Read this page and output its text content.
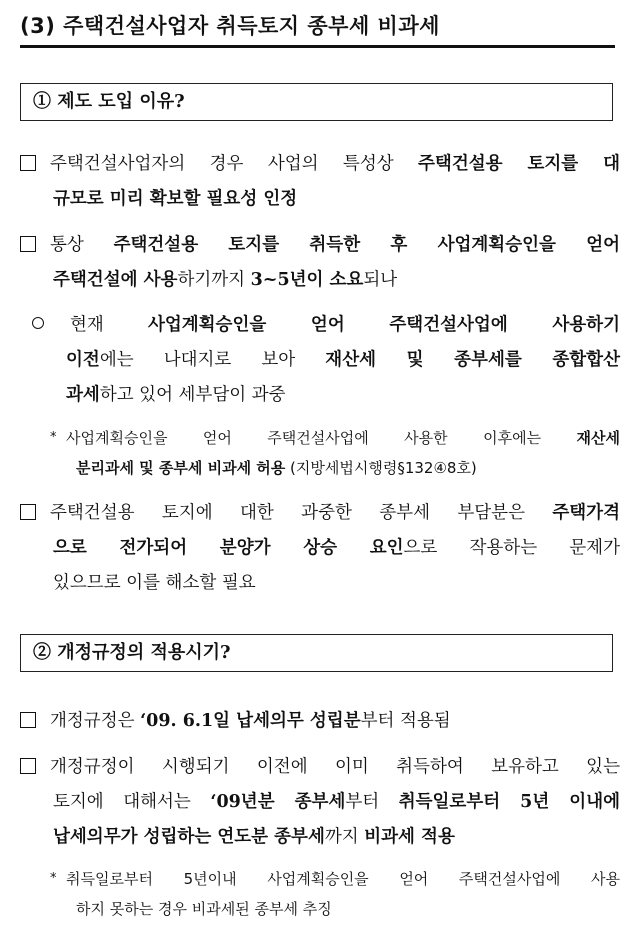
(3) 주택건설사업자 취득토지 종부세 비과세
① 제도 도입 이유?
주택건설사업자의 경우 사업의 특성상 주택건설용 토지를 대
규모로 미리 확보할 필요성 인정
통상 주택건설용 토지를 취득한 후 사업계획승인을 얻어
주택건설에 사용하기까지 3~5년이 소요되나
현재 사업계획승인을 얻어 주택건설사업에 사용하기
이전에는 나대지로 보아 재산세 및 종부세를 종합합산
과세하고 있어 세부담이 과중
* 사업계획승인을 얻어 주택건설사업에 사용한 이후에는 재산세
분리과세 및 종부세 비과세 허용 (지방세법시행령§132④8호)
주택건설용 토지에 대한 과중한 종부세 부담분은 주택가격
으로 전가되어 분양가 상승 요인으로 작용하는 문제가
있으므로 이를 해소할 필요
② 개정규정의 적용시기?
개정규정은 ‘09. 6.1일 납세의무 성립분부터 적용됨
개정규정이 시행되기 이전에 이미 취득하여 보유하고 있는
토지에 대해서는 ‘09년분 종부세부터 취득일로부터 5년 이내에
납세의무가 성립하는 연도분 종부세까지 비과세 적용
* 취득일로부터 5년이내 사업계획승인을 얻어 주택건설사업에 사용
하지 못하는 경우 비과세된 종부세 추징
